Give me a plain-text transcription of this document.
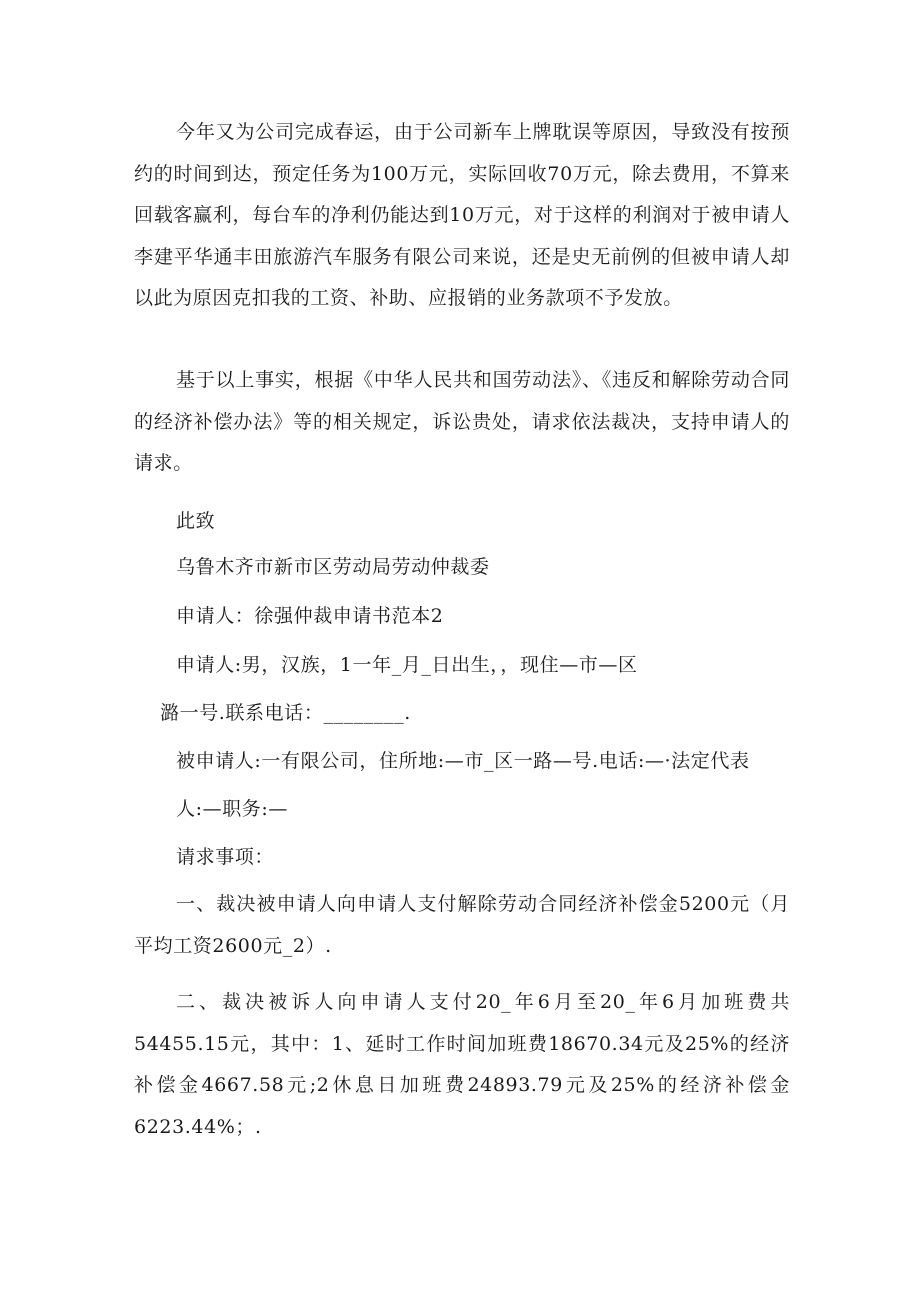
今年又为公司完成春运，由于公司新车上牌耽误等原因，导致没有按预约的时间到达，预定任务为100万元，实际回收70万元，除去费用，不算来回载客赢利，每台车的净利仍能达到10万元，对于这样的利润对于被申请人李建平华通丰田旅游汽车服务有限公司来说，还是史无前例的但被申请人却以此为原因克扣我的工资、补助、应报销的业务款项不予发放。

基于以上事实，根据《中华人民共和国劳动法》、《违反和解除劳动合同的经济补偿办法》等的相关规定，诉讼贵处，请求依法裁决，支持申请人的请求。

此致

乌鲁木齐市新市区劳动局劳动仲裁委

申请人：徐强仲裁申请书范本2

申请人:男，汉族，1一年_月_日出生，，现住—市—区

潞一号.联系电话：________.

被申请人:一有限公司，住所地:—市_区一路—号.电话:—·法定代表

人:—职务:—

请求事项：

一、裁决被申请人向申请人支付解除劳动合同经济补偿金5200元（月平均工资2600元_2）.

二、裁决被诉人向申请人支付20_年6月至20_年6月加班费共54455.15元，其中：1、延时工作时间加班费18670.34元及25%的经济补偿金4667.58元;2休息日加班费24893.79元及25%的经济补偿金6223.44%；.
